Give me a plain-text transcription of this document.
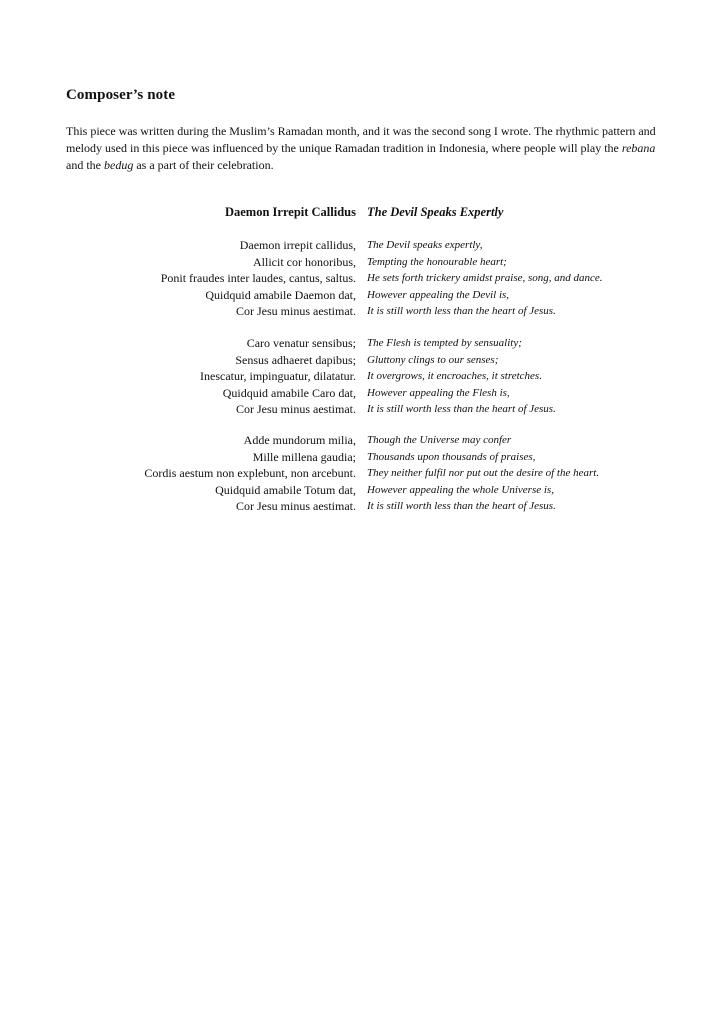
Composer’s note

This piece was written during the Muslim’s Ramadan month, and it was the second song I wrote. The rhythmic pattern and melody used in this piece was influenced by the unique Ramadan tradition in Indonesia, where people will play the rebana and the bedug as a part of their celebration.

Daemon Irrepit Callidus The Devil Speaks Expertly
Daemon irrepit callidus, The Devil speaks expertly,
Allicit cor honoribus, Tempting the honourable heart;
Ponit fraudes inter laudes, cantus, saltus. He sets forth trickery amidst praise, song, and dance.
Quidquid amabile Daemon dat, However appealing the Devil is,
Cor Jesu minus aestimat. It is still worth less than the heart of Jesus.
Caro venatur sensibus; The Flesh is tempted by sensuality;
Sensus adhaeret dapibus; Gluttony clings to our senses;
Inescatur, impinguatur, dilatatur. It overgrows, it encroaches, it stretches.
Quidquid amabile Caro dat, However appealing the Flesh is,
Cor Jesu minus aestimat. It is still worth less than the heart of Jesus.
Adde mundorum milia, Though the Universe may confer
Mille millena gaudia; Thousands upon thousands of praises,
Cordis aestum non explebunt, non arcebunt. They neither fulfil nor put out the desire of the heart.
Quidquid amabile Totum dat, However appealing the whole Universe is,
Cor Jesu minus aestimat. It is still worth less than the heart of Jesus.
